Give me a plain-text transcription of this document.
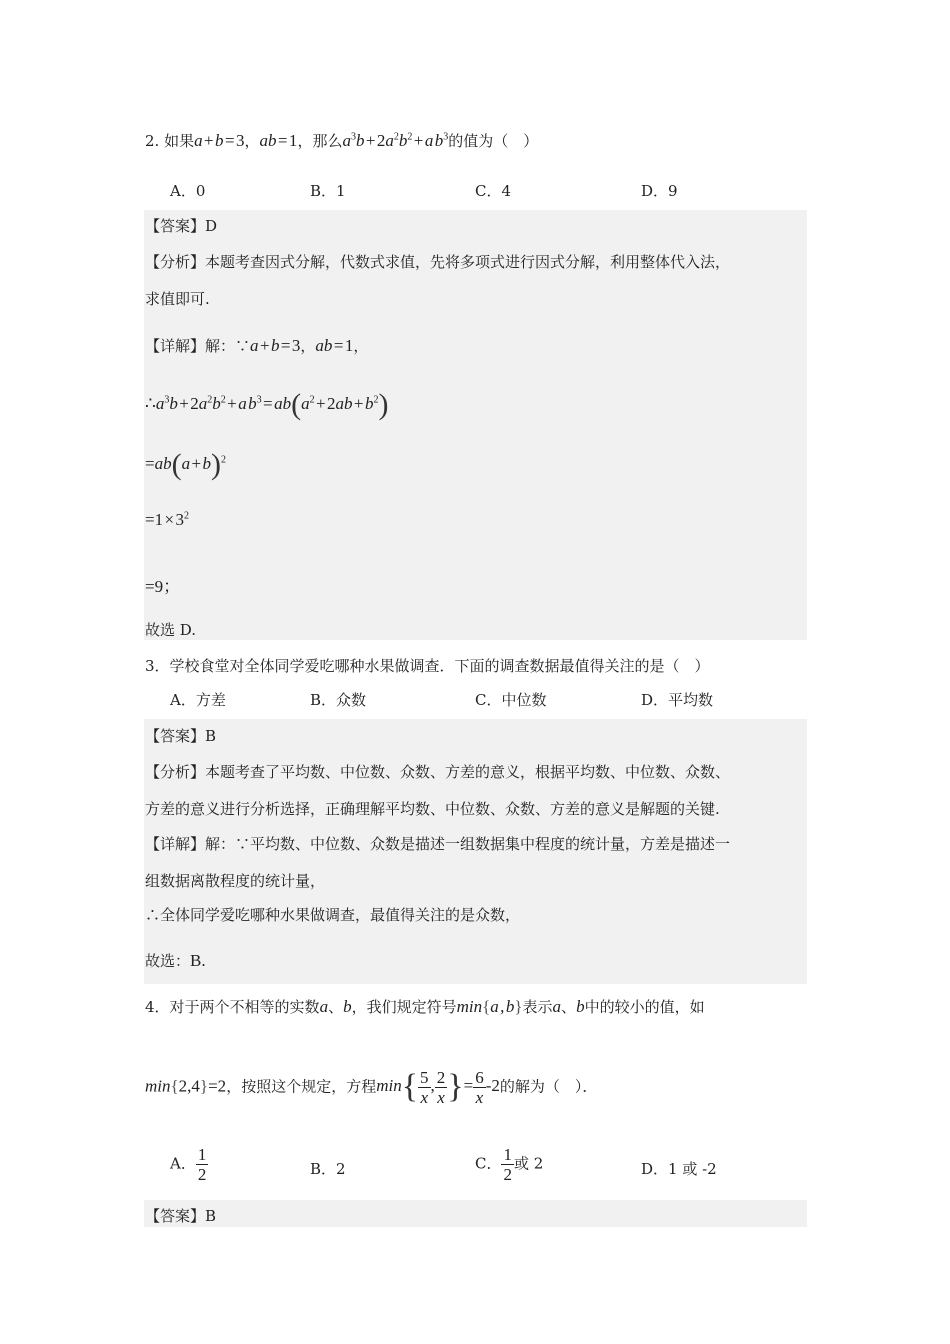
2. 如果a + b = 3，ab = 1，那么$a^3b$ + $2a^2b^2$ + a $b^3$的值为（　）
A．0	B．1	C．4	D．9
【答案】D
【分析】本题考查因式分解，代数式求值，先将多项式进行因式分解，利用整体代入法，
求值即可.
【详解】解：∵a + b = 3，ab = 1，
$\therefore a^3b$ + $2a^2b^2$ + a $b^3$ = $ab(a^2$ + 2ab + $b^2$)
=ab(a + b)$^2$
=1 × $3^2$
=9；
故选 D.
3．学校食堂对全体同学爱吃哪种水果做调查．下面的调查数据最值得关注的是（　）
A．方差	B．众数	C．中位数	D．平均数
【答案】B
【分析】本题考查了平均数、中位数、众数、方差的意义，根据平均数、中位数、众数、
方差的意义进行分析选择，正确理解平均数、中位数、众数、方差的意义是解题的关键.
【详解】解：∵平均数、中位数、众数是描述一组数据集中程度的统计量，方差是描述一
组数据离散程度的统计量，
∴全体同学爱吃哪种水果做调查，最值得关注的是众数，
故选：B.
4．对于两个不相等的实数a、b，我们规定符号min{a , b}表示a、b中的较小的值，如
min{2,4}=2，按照这个规定，方程$\min\{ \frac{5}{x}$ , $\frac{2}{x}$ }= $\frac{6}{x} -2$的解为（　）．
A． $\frac{1}{2}$	B．2	C． $\frac{1}{2}$ 或 2	D．1 或 -2
【答案】B
